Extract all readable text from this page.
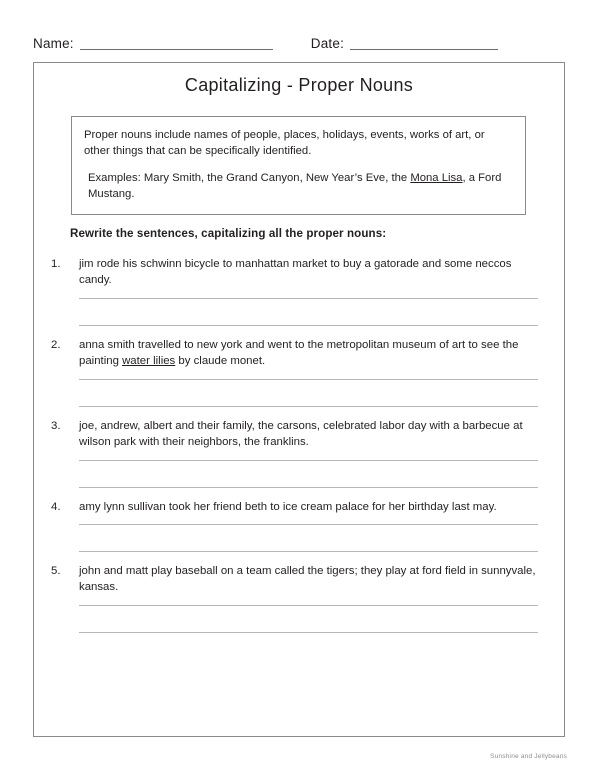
Name:	Date:
Capitalizing - Proper Nouns

Proper nouns include names of people, places, holidays, events, works of art, or other things that can be specifically identified.

Examples: Mary Smith, the Grand Canyon, New Year’s Eve, the Mona Lisa, a Ford Mustang.

Rewrite the sentences, capitalizing all the proper nouns:
1.	jim rode his schwinn bicycle to manhattan market to buy a gatorade and some neccos candy.
2.	anna smith travelled to new york and went to the metropolitan museum of art to see the painting water lilies by claude monet.
3.	joe, andrew, albert and their family, the carsons, celebrated labor day with a barbecue at wilson park with their neighbors, the franklins.
4.	amy lynn sullivan took her friend beth to ice cream palace for her birthday last may.
5.	john and matt play baseball on a team called the tigers; they play at ford field in sunnyvale, kansas.
Sunshine and Jellybeans
